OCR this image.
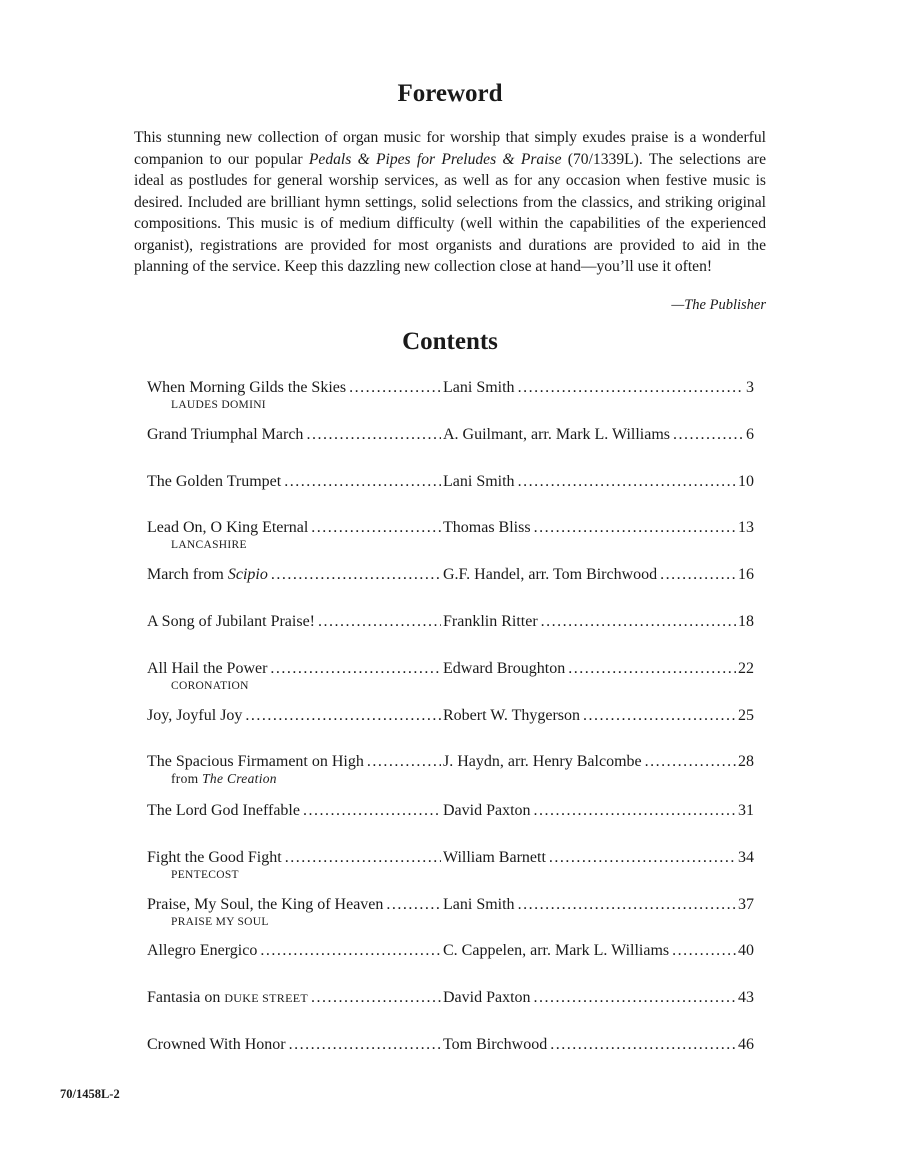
Foreword

This stunning new collection of organ music for worship that simply exudes praise is a wonderful companion to our popular Pedals & Pipes for Preludes & Praise (70/1339L). The selections are ideal as postludes for general worship services, as well as for any occasion when festive music is desired. Included are brilliant hymn settings, solid selections from the classics, and striking original compositions. This music is of medium difficulty (well within the capabilities of the experienced organist), registrations are provided for most organists and durations are provided to aid in the planning of the service. Keep this dazzling new collection close at hand—you’ll use it often!

—The Publisher
Contents
When Morning Gilds the Skies .....	Lani Smith .....	3
LAUDES DOMINI
Grand Triumphal March .....	A. Guilmant, arr. Mark L. Williams .....	6
The Golden Trumpet .....	Lani Smith .....	10
Lead On, O King Eternal .....	Thomas Bliss .....	13
LANCASHIRE
March from Scipio .....	G.F. Handel, arr. Tom Birchwood .....	16
A Song of Jubilant Praise! .....	Franklin Ritter .....	18
All Hail the Power .....	Edward Broughton .....	22
CORONATION
Joy, Joyful Joy .....	Robert W. Thygerson .....	25
The Spacious Firmament on High .....	J. Haydn, arr. Henry Balcombe .....	28
from The Creation
The Lord God Ineffable .....	David Paxton .....	31
Fight the Good Fight .....	William Barnett .....	34
PENTECOST
Praise, My Soul, the King of Heaven .....	Lani Smith .....	37
PRAISE MY SOUL
Allegro Energico .....	C. Cappelen, arr. Mark L. Williams .....	40
Fantasia on DUKE STREET .....	David Paxton .....	43
Crowned With Honor .....	Tom Birchwood .....	46
70/1458L-2
